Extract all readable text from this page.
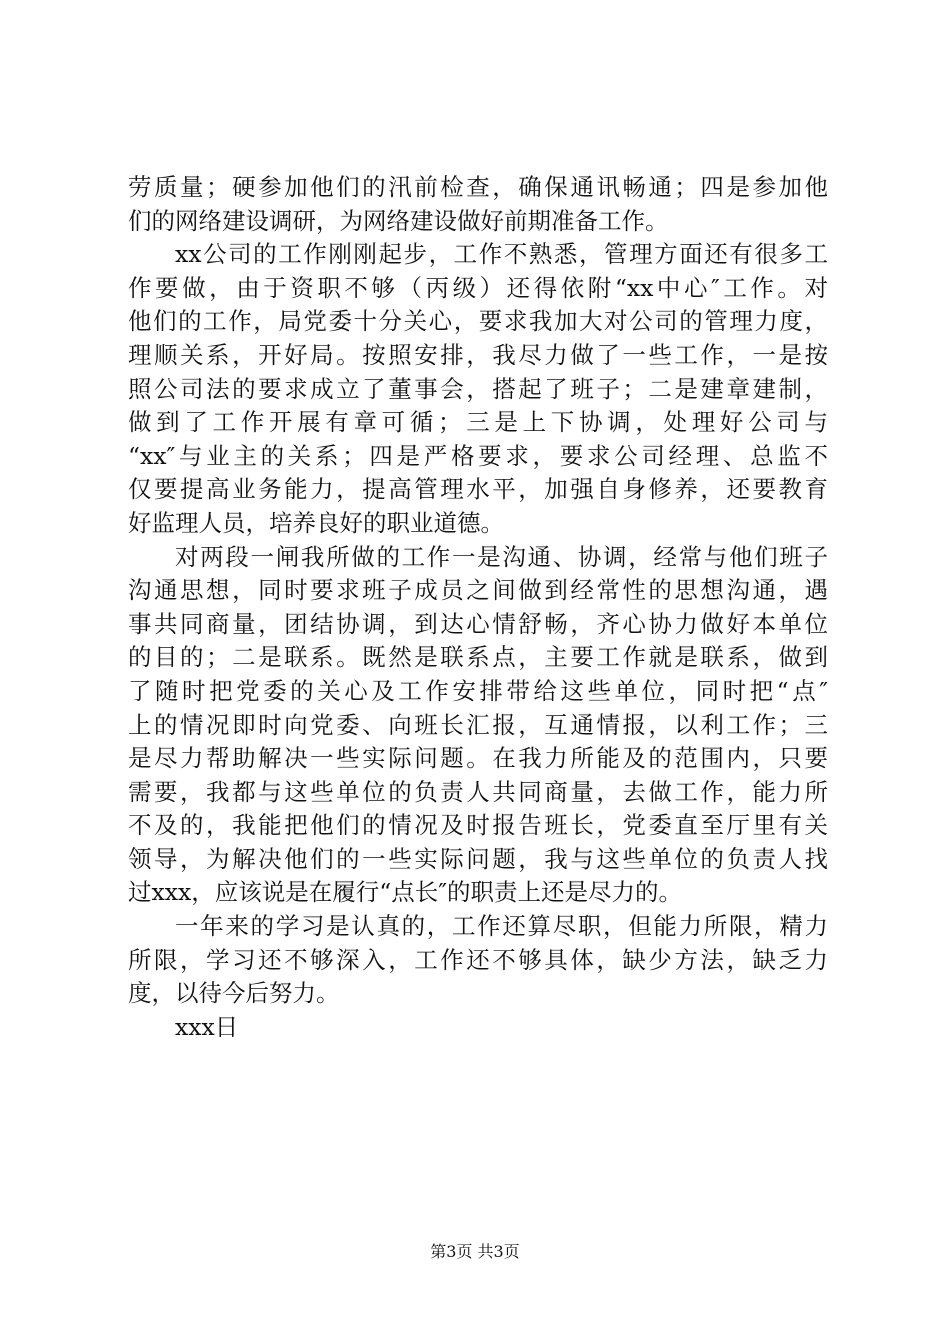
劳质量；硬参加他们的汛前检查，确保通讯畅通；四是参加他
们的网络建设调研，为网络建设做好前期准备工作。
xx公司的工作刚刚起步，工作不熟悉，管理方面还有很多工
作要做，由于资职不够（丙级）还得依附“xx中心″工作。对
他们的工作，局党委十分关心，要求我加大对公司的管理力度，
理顺关系，开好局。按照安排，我尽力做了一些工作，一是按
照公司法的要求成立了董事会，搭起了班子；二是建章建制，
做到了工作开展有章可循；三是上下协调，处理好公司与
“xx″与业主的关系；四是严格要求，要求公司经理、总监不
仅要提高业务能力，提高管理水平，加强自身修养，还要教育
好监理人员，培养良好的职业道德。
对两段一闸我所做的工作一是沟通、协调，经常与他们班子
沟通思想，同时要求班子成员之间做到经常性的思想沟通，遇
事共同商量，团结协调，到达心情舒畅，齐心协力做好本单位
的目的；二是联系。既然是联系点，主要工作就是联系，做到
了随时把党委的关心及工作安排带给这些单位，同时把“点″
上的情况即时向党委、向班长汇报，互通情报，以利工作；三
是尽力帮助解决一些实际问题。在我力所能及的范围内，只要
需要，我都与这些单位的负责人共同商量，去做工作，能力所
不及的，我能把他们的情况及时报告班长，党委直至厅里有关
领导，为解决他们的一些实际问题，我与这些单位的负责人找
过xxx，应该说是在履行“点长″的职责上还是尽力的。
一年来的学习是认真的，工作还算尽职，但能力所限，精力
所限，学习还不够深入，工作还不够具体，缺少方法，缺乏力
度，以待今后努力。
xxx日
第3页 共3页
